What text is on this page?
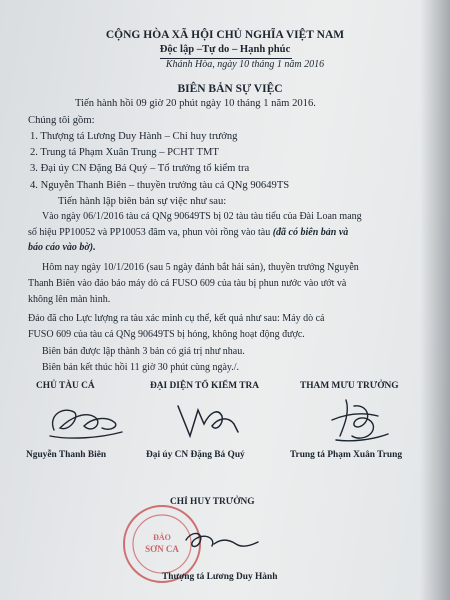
CỘNG HÒA XÃ HỘI CHỦ NGHĨA VIỆT NAM
Độc lập –Tự do – Hạnh phúc
Khánh Hòa, ngày 10 tháng 1 năm 2016
BIÊN BẢN SỰ VIỆC
Tiến hành hồi 09 giờ 20 phút ngày 10 tháng 1 năm 2016.
Chúng tôi gồm:
1. Thượng tá Lương Duy Hành – Chỉ huy trưởng
2. Trung tá Phạm Xuân Trung – PCHT TMT
3. Đại úy CN Đặng Bá Quý – Tổ trưởng tổ kiểm tra
4. Nguyễn Thanh Biên – thuyền trưởng tàu cá QNg 90649TS
Tiến hành lập biên bản sự việc như sau:
Vào ngày 06/1/2016 tàu cá QNg 90649TS bị 02 tàu tàu tiểu của Đài Loan mang
số hiệu PP10052 và PP10053 đâm va, phun vòi rồng vào tàu (đã có biên bản và
báo cáo vào bờ).
Hôm nay ngày 10/1/2016 (sau 5 ngày đánh bắt hải sản), thuyền trưởng Nguyễn
Thanh Biên vào đảo báo máy dò cá FUSO 609 của tàu bị phun nước vào ướt và
không lên màn hình.
Đảo đã cho Lực lượng ra tàu xác minh cụ thể, kết quả như sau: Máy dò cá
FUSO 609 của tàu cá QNg 90649TS bị hỏng, không hoạt động được.
Biên bản được lập thành 3 bản có giá trị như nhau.
Biên bản kết thúc hồi 11 giờ 30 phút cùng ngày./.
CHỦ TÀU CÁ	ĐẠI DIỆN TỔ KIỂM TRA	THAM MƯU TRƯỞNG
Nguyễn Thanh Biên	Đại úy CN Đặng Bá Quý	Trung tá Phạm Xuân Trung
CHỈ HUY TRƯỞNG
ĐẢO
SƠN CA
Thượng tá Lương Duy Hành
